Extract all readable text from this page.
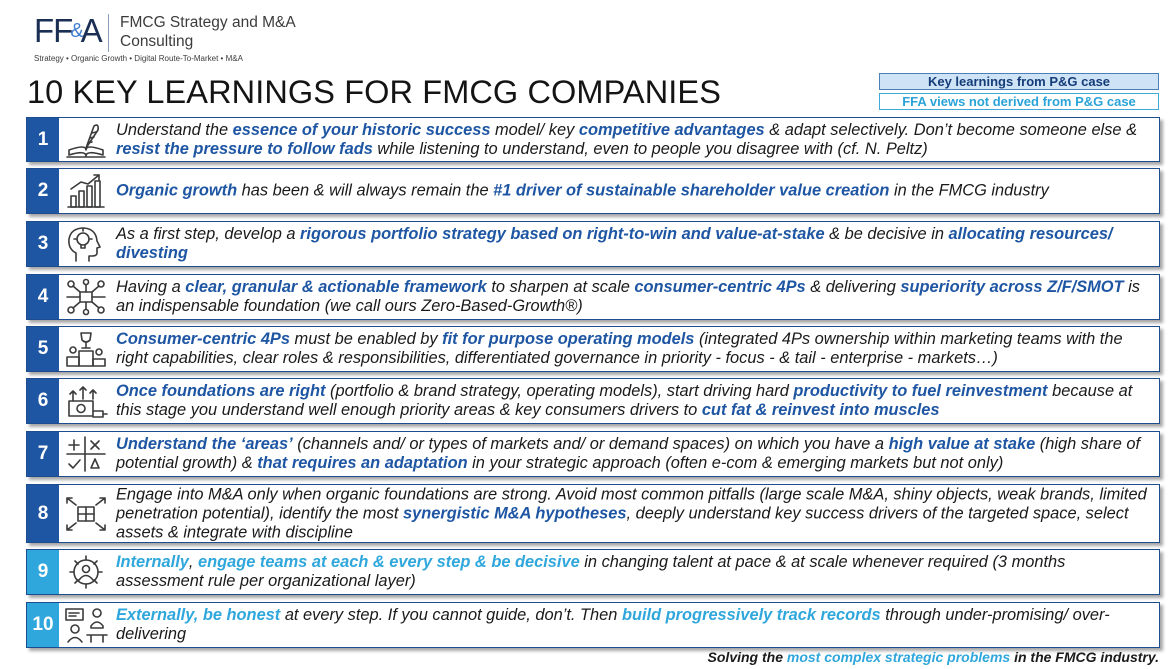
FF&A FMCG Strategy and M&A Consulting
Strategy • Organic Growth • Digital Route-To-Market • M&A
10 KEY LEARNINGS FOR FMCG COMPANIES	Key learnings from P&G case
FFA views not derived from P&G case
1	Understand the essence of your historic success model/ key competitive advantages & adapt selectively. Don’t become someone else & resist the pressure to follow fads while listening to understand, even to people you disagree with (cf. N. Peltz)
2	Organic growth has been & will always remain the #1 driver of sustainable shareholder value creation in the FMCG industry
3	As a first step, develop a rigorous portfolio strategy based on right-to-win and value-at-stake & be decisive in allocating resources/ divesting
4	Having a clear, granular & actionable framework to sharpen at scale consumer-centric 4Ps & delivering superiority across Z/F/SMOT is an indispensable foundation (we call ours Zero-Based-Growth®)
5	Consumer-centric 4Ps must be enabled by fit for purpose operating models (integrated 4Ps ownership within marketing teams with the right capabilities, clear roles & responsibilities, differentiated governance in priority - focus - & tail - enterprise - markets…)
6	Once foundations are right (portfolio & brand strategy, operating models), start driving hard productivity to fuel reinvestment because at this stage you understand well enough priority areas & key consumers drivers to cut fat & reinvest into muscles
7	Understand the ‘areas’ (channels and/ or types of markets and/ or demand spaces) on which you have a high value at stake (high share of potential growth) & that requires an adaptation in your strategic approach (often e-com & emerging markets but not only)
8
Engage into M&A only when organic foundations are strong. Avoid most common pitfalls (large scale M&A, shiny objects, weak brands, limited penetration potential), identify the most synergistic M&A hypotheses, deeply understand key success drivers of the targeted space, select assets & integrate with discipline
9	Internally, engage teams at each & every step & be decisive in changing talent at pace & at scale whenever required (3 months assessment rule per organizational layer)
10	Externally, be honest at every step. If you cannot guide, don’t. Then build progressively track records through under-promising/ over-delivering
Solving the most complex strategic problems in the FMCG industry.
